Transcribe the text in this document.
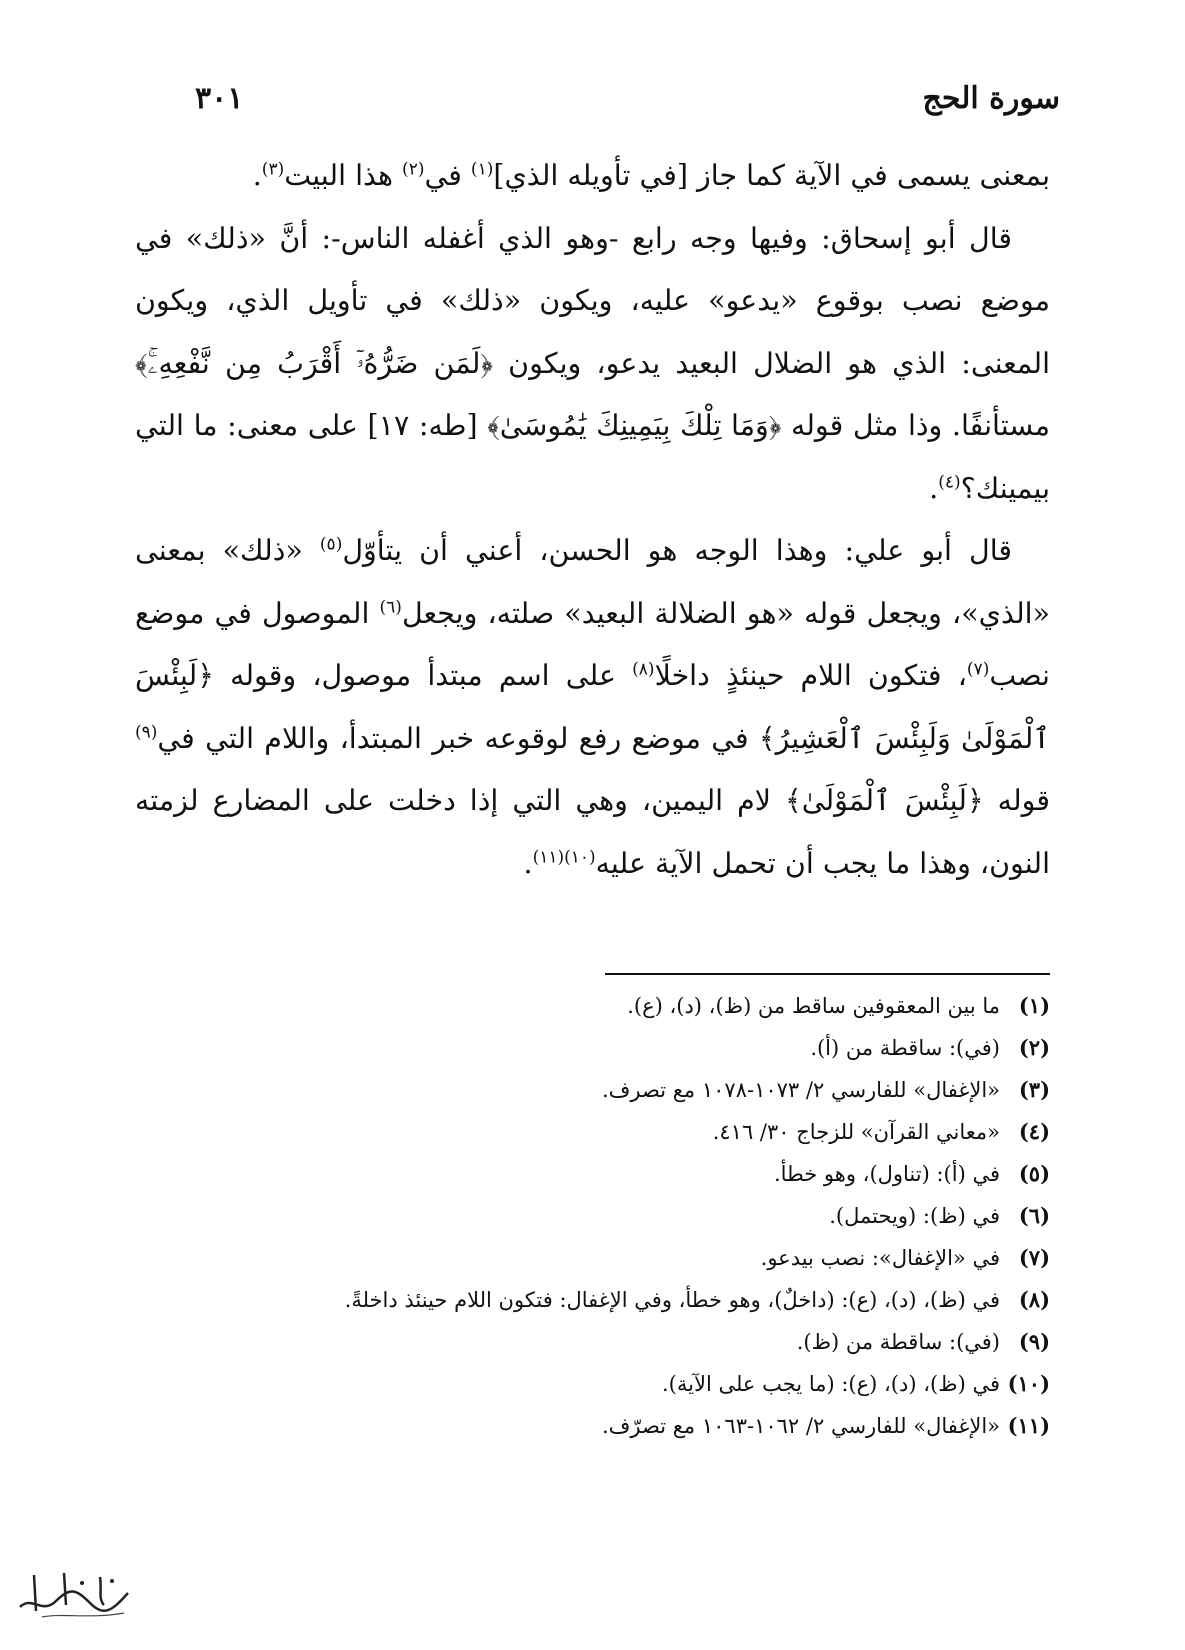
سورة الحج
٣٠١

بمعنى يسمى في الآية كما جاز [في تأويله الذي]$^{(١)}$ في$^{(٢)}$ هذا البيت$^{(٣)}$.

قال أبو إسحاق: وفيها وجه رابع -وهو الذي أغفله الناس-: أنَّ «ذلك» في موضع نصب بوقوع «يدعو» عليه، ويكون «ذلك» في تأويل الذي، ويكون المعنى: الذي هو الضلال البعيد يدعو، ويكون ﴿لَمَن ضَرُّهُۥٓ أَقْرَبُ مِن نَّفْعِهِۦۚ﴾ مستأنفًا. وذا مثل قوله ﴿وَمَا تِلْكَ بِيَمِينِكَ يَٰمُوسَىٰ﴾ [طه: ١٧] على معنى: ما التي بيمينك؟$^{(٤)}$.

قال أبو علي: وهذا الوجه هو الحسن، أعني أن يتأوّل$^{(٥)}$ «ذلك» بمعنى «الذي»، ويجعل قوله «هو الضلالة البعيد» صلته، ويجعل$^{(٦)}$ الموصول في موضع نصب$^{(٧)}$، فتكون اللام حينئذٍ داخلًا$^{(٨)}$ على اسم مبتدأ موصول، وقوله ﴿لَبِئْسَ ٱلْمَوْلَىٰ وَلَبِئْسَ ٱلْعَشِيرُ﴾ في موضع رفع لوقوعه خبر المبتدأ، واللام التي في$^{(٩)}$ قوله ﴿لَبِئْسَ ٱلْمَوْلَىٰ﴾ لام اليمين، وهي التي إذا دخلت على المضارع لزمته النون، وهذا ما يجب أن تحمل الآية عليه$^{(١٠)(١١)}$.

(١)
ما بين المعقوفين ساقط من (ظ)، (د)، (ع).
(٢)
(في): ساقطة من (أ).
(٣)
«الإغفال» للفارسي ٢/ ١٠٧٣-١٠٧٨ مع تصرف.
(٤)
«معاني القرآن» للزجاج ٣٠/ ٤١٦.
(٥)
في (أ): (تناول)، وهو خطأ.
(٦)
في (ظ): (ويحتمل).
(٧)
في «الإغفال»: نصب بيدعو.
(٨)
في (ظ)، (د)، (ع): (داخلٌ)، وهو خطأ، وفي الإغفال: فتكون اللام حينئذ داخلةً.
(٩)
(في): ساقطة من (ظ).
(١٠)
في (ظ)، (د)، (ع): (ما يجب على الآية).
(١١)
«الإغفال» للفارسي ٢/ ١٠٦٢-١٠٦٣ مع تصرّف.
